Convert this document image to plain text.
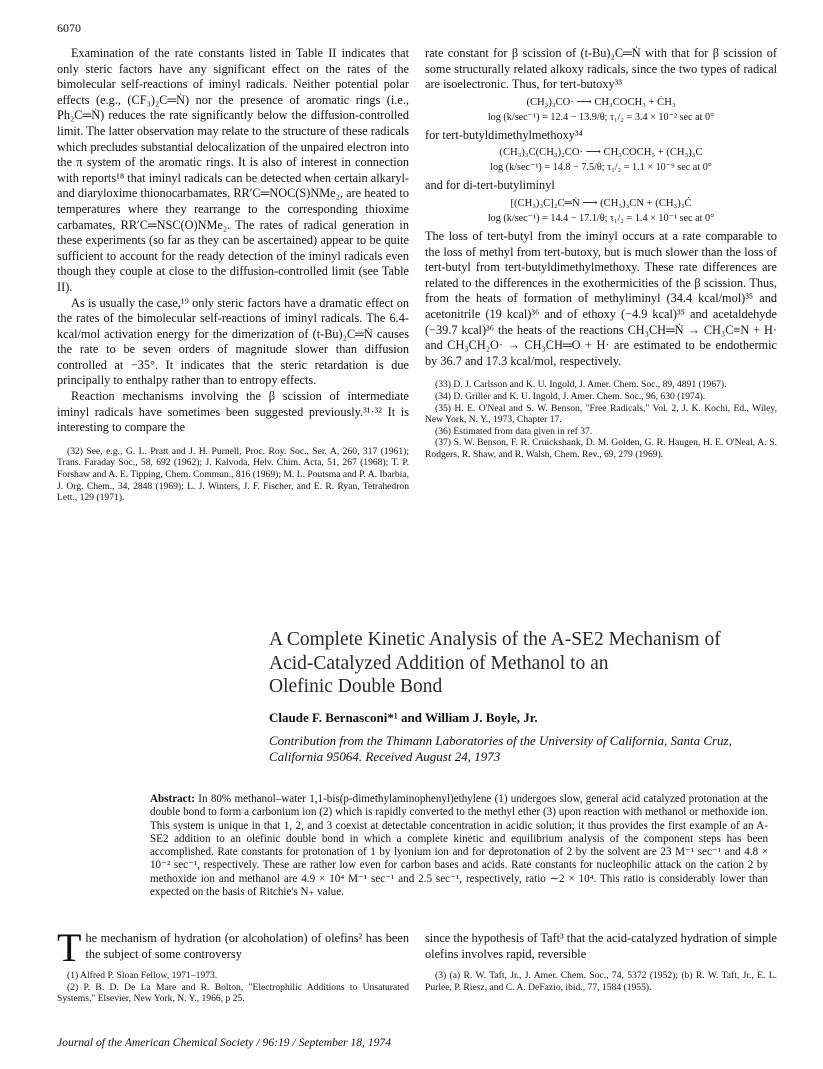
6070

Examination of the rate constants listed in Table II indicates that only steric factors have any significant effect on the rates of the bimolecular self-reactions of iminyl radicals. Neither potential polar effects (e.g., (CF₃)₂C═Ṅ) nor the presence of aromatic rings (i.e., Ph₂C═Ṅ) reduces the rate significantly below the diffusion-controlled limit. The latter observation may relate to the structure of these radicals which precludes substantial delocalization of the unpaired electron into the π system of the aromatic rings. It is also of interest in connection with reports¹⁸ that iminyl radicals can be detected when certain alkaryl- and diaryloxime thionocarbamates, RR′C═NOC(S)NMe₂, are heated to temperatures where they rearrange to the corresponding thioxime carbamates, RR′C═NSC(O)NMe₂. The rates of radical generation in these experiments (so far as they can be ascertained) appear to be quite sufficient to account for the ready detection of the iminyl radicals even though they couple at close to the diffusion-controlled limit (see Table II).

As is usually the case,¹⁹ only steric factors have a dramatic effect on the rates of the bimolecular self-reactions of iminyl radicals. The 6.4-kcal/mol activation energy for the dimerization of (t-Bu)₂C═Ṅ causes the rate to be seven orders of magnitude slower than diffusion controlled at −35°. It indicates that the steric retardation is due principally to enthalpy rather than to entropy effects.

Reaction mechanisms involving the β scission of intermediate iminyl radicals have sometimes been suggested previously.³¹·³² It is interesting to compare the

(32) See, e.g., G. L. Pratt and J. H. Purnell, Proc. Roy. Soc., Ser. A, 260, 317 (1961); Trans. Faraday Soc., 58, 692 (1962); J. Kalvoda, Helv. Chim. Acta, 51, 267 (1968); T. P. Forshaw and A. E. Tipping, Chem. Commun., 816 (1969); M. L. Poutsma and P. A. Ibarbia, J. Org. Chem., 34, 2848 (1969); L. J. Winters, J. F. Fischer, and E. R. Ryan, Tetrahedron Lett., 129 (1971).

rate constant for β scission of (t-Bu)₂C═Ṅ with that for β scission of some structurally related alkoxy radicals, since the two types of radical are isoelectronic. Thus, for tert-butoxy³³

(CH₃)₃CO· ⟶ CH₃COCH₃ + ĊH₃
log (k/sec⁻¹) = 12.4 − 13.9/θ; τ₁/₂ = 3.4 × 10⁻² sec at 0°

for tert-butyldimethylmethoxy³⁴

(CH₃)₃C(CH₃)₂CO· ⟶ CH₃COCH₃ + (CH₃)₃C
log (k/sec⁻¹) = 14.8 − 7.5/θ; τ₁/₂ = 1.1 × 10⁻⁹ sec at 0°

and for di-tert-butyliminyl

[(CH₃)₃C]₂C═Ṅ ⟶ (CH₃)₃CN + (CH₃)₃Ċ
log (k/sec⁻¹) = 14.4 − 17.1/θ; τ₁/₂ = 1.4 × 10⁻¹ sec at 0°

The loss of tert-butyl from the iminyl occurs at a rate comparable to the loss of methyl from tert-butoxy, but is much slower than the loss of tert-butyl from tert-butyldimethylmethoxy. These rate differences are related to the differences in the exothermicities of the β scission. Thus, from the heats of formation of methyliminyl (34.4 kcal/mol)³⁵ and acetonitrile (19 kcal)³⁶ and of ethoxy (−4.9 kcal)³⁵ and acetaldehyde (−39.7 kcal)³⁶ the heats of the reactions CH₃CH═Ṅ → CH₃C≡N + H· and CH₃CH₂O· → CH₃CH═O + H· are estimated to be endothermic by 36.7 and 17.3 kcal/mol, respectively.

(33) D. J. Carlsson and K. U. Ingold, J. Amer. Chem. Soc., 89, 4891 (1967).

(34) D. Griller and K. U. Ingold, J. Amer. Chem. Soc., 96, 630 (1974).

(35) H. E. O'Neal and S. W. Benson, "Free Radicals," Vol. 2, J. K. Kochi, Ed., Wiley, New York, N. Y., 1973, Chapter 17.

(36) Estimated from data given in ref 37.

(37) S. W. Benson, F. R. Cruickshank, D. M. Golden, G. R. Haugen, H. E. O'Neal, A. S. Rodgers, R. Shaw, and R. Walsh, Chem. Rev., 69, 279 (1969).

A Complete Kinetic Analysis of the A-SE2 Mechanism of
Acid-Catalyzed Addition of Methanol to an
Olefinic Double Bond
Claude F. Bernasconi*¹ and William J. Boyle, Jr.
Contribution from the Thimann Laboratories of the University of California, Santa Cruz, California 95064. Received August 24, 1973
Abstract: In 80% methanol–water 1,1-bis(p-dimethylaminophenyl)ethylene (1) undergoes slow, general acid catalyzed protonation at the double bond to form a carbonium ion (2) which is rapidly converted to the methyl ether (3) upon reaction with methanol or methoxide ion. This system is unique in that 1, 2, and 3 coexist at detectable concentration in acidic solution; it thus provides the first example of an A-SE2 addition to an olefinic double bond in which a complete kinetic and equilibrium analysis of the component steps has been accomplished. Rate constants for protonation of 1 by lyonium ion and for deprotonation of 2 by the solvent are 23 M⁻¹ sec⁻¹ and 4.8 × 10⁻² sec⁻¹, respectively. These are rather low even for carbon bases and acids. Rate constants for nucleophilic attack on the cation 2 by methoxide ion and methanol are 4.9 × 10⁴ M⁻¹ sec⁻¹ and 2.5 sec⁻¹, respectively, ratio ∼2 × 10⁴. This ratio is considerably lower than expected on the basis of Ritchie's N₊ value.
T he mechanism of hydration (or alcoholation) of olefins² has been the subject of some controversy

(1) Alfred P. Sloan Fellow, 1971–1973.

(2) P. B. D. De La Mare and R. Bolton, "Electrophilic Additions to Unsaturated Systems," Elsevier, New York, N. Y., 1966, p 25.

since the hypothesis of Taft³ that the acid-catalyzed hydration of simple olefins involves rapid, reversible

(3) (a) R. W. Taft, Jr., J. Amer. Chem. Soc., 74, 5372 (1952); (b) R. W. Taft, Jr., E. L. Purlee, P. Riesz, and C. A. DeFazio, ibid., 77, 1584 (1955).

Journal of the American Chemical Society / 96:19 / September 18, 1974
